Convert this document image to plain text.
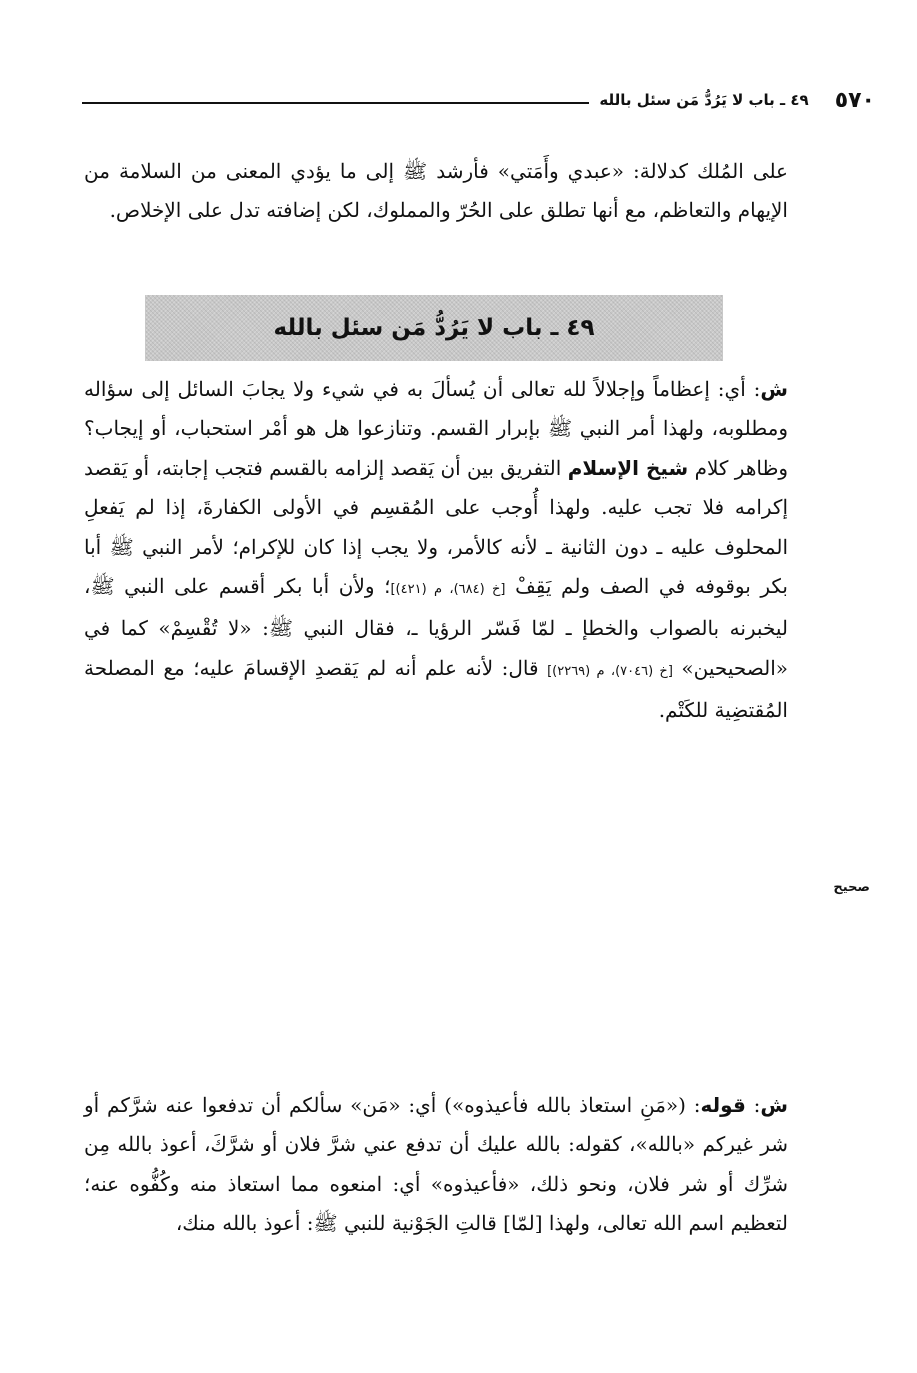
٥٧٠
٤٩ ـ باب لا يَرُدُّ مَن سئل بالله

على المُلك كدلالة: «عبدي وأَمَتي» فأرشد ﷺ إلى ما يؤدي المعنى من السلامة من الإيهام والتعاظم، مع أنها تطلق على الحُرّ والمملوك، لكن إضافته تدل على الإخلاص.

٤٩ ـ باب لا يَرُدُّ مَن سئل بالله

ش: أي: إعظاماً وإجلالاً لله تعالى أن يُسألَ به في شيء ولا يجابَ السائل إلى سؤاله ومطلوبه، ولهذا أمر النبي ﷺ بإبرار القسم. وتنازعوا هل هو أمْر استحباب، أو إيجاب؟ وظاهر كلام شيخ الإسلام التفريق بين أن يَقصد إلزامه بالقسم فتجب إجابته، أو يَقصد إكرامه فلا تجب عليه. ولهذا أُوجب على المُقسِم في الأولى الكفارةَ، إذا لم يَفعلِ المحلوف عليه ـ دون الثانية ـ لأنه كالأمر، ولا يجب إذا كان للإكرام؛ لأمر النبي ﷺ أبا بكر بوقوفه في الصف ولم يَقِفْ [خ (٦٨٤)، م (٤٢١)]؛ ولأن أبا بكر أقسم على النبي ﷺ، ليخبرنه بالصواب والخطإ ـ لمّا فَسّر الرؤيا ـ، فقال النبي ﷺ: «لا تُقْسِمْ» كما في «الصحيحين» [خ (٧٠٤٦)، م (٢٢٦٩)] قال: لأنه علم أنه لم يَقصدِ الإقسامَ عليه؛ مع المصلحة المُقتضِية للكَتْم.

صحيح

ش: قوله: («مَنِ استعاذ بالله فأعيذوه») أي: «مَن» سألكم أن تدفعوا عنه شرَّكم أو شر غيركم «بالله»، كقوله: بالله عليك أن تدفع عني شرَّ فلان أو شرَّكَ، أعوذ بالله مِن شرِّك أو شر فلان، ونحو ذلك، «فأعيذوه» أي: امنعوه مما استعاذ منه وكُفُّوه عنه؛ لتعظيم اسم الله تعالى، ولهذا [لمّا] قالتِ الجَوْنية للنبي ﷺ: أعوذ بالله منك،
